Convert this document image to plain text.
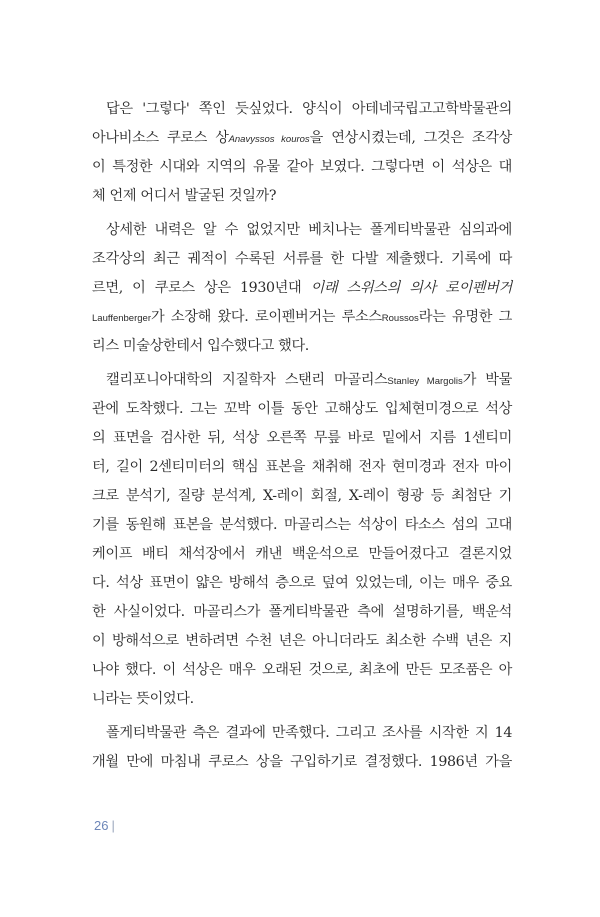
답은 '그렇다' 쪽인 듯싶었다. 양식이 아테네국립고고학박물관의
아나비소스 쿠로스 상Anavyssos kouros을 연상시켰는데, 그것은 조각상
이 특정한 시대와 지역의 유물 같아 보였다. 그렇다면 이 석상은 대
체 언제 어디서 발굴된 것일까?
상세한 내력은 알 수 없었지만 베치나는 폴게티박물관 심의과에
조각상의 최근 궤적이 수록된 서류를 한 다발 제출했다. 기록에 따
르면, 이 쿠로스 상은 1930년대 이래 스위스의 의사 로이펜버거
Lauffenberger가 소장해 왔다. 로이펜버거는 루소스Roussos라는 유명한 그
리스 미술상한테서 입수했다고 했다.
캘리포니아대학의 지질학자 스탠리 마골리스Stanley Margolis가 박물
관에 도착했다. 그는 꼬박 이틀 동안 고해상도 입체현미경으로 석상
의 표면을 검사한 뒤, 석상 오른쪽 무릎 바로 밑에서 지름 1센티미
터, 길이 2센티미터의 핵심 표본을 채취해 전자 현미경과 전자 마이
크로 분석기, 질량 분석계, X-레이 회절, X-레이 형광 등 최첨단 기
기를 동원해 표본을 분석했다. 마골리스는 석상이 타소스 섬의 고대
케이프 배티 채석장에서 캐낸 백운석으로 만들어졌다고 결론지었
다. 석상 표면이 얇은 방해석 층으로 덮여 있었는데, 이는 매우 중요
한 사실이었다. 마골리스가 폴게티박물관 측에 설명하기를, 백운석
이 방해석으로 변하려면 수천 년은 아니더라도 최소한 수백 년은 지
나야 했다. 이 석상은 매우 오래된 것으로, 최초에 만든 모조품은 아
니라는 뜻이었다.
폴게티박물관 측은 결과에 만족했다. 그리고 조사를 시작한 지 14
개월 만에 마침내 쿠로스 상을 구입하기로 결정했다. 1986년 가을
26 |
